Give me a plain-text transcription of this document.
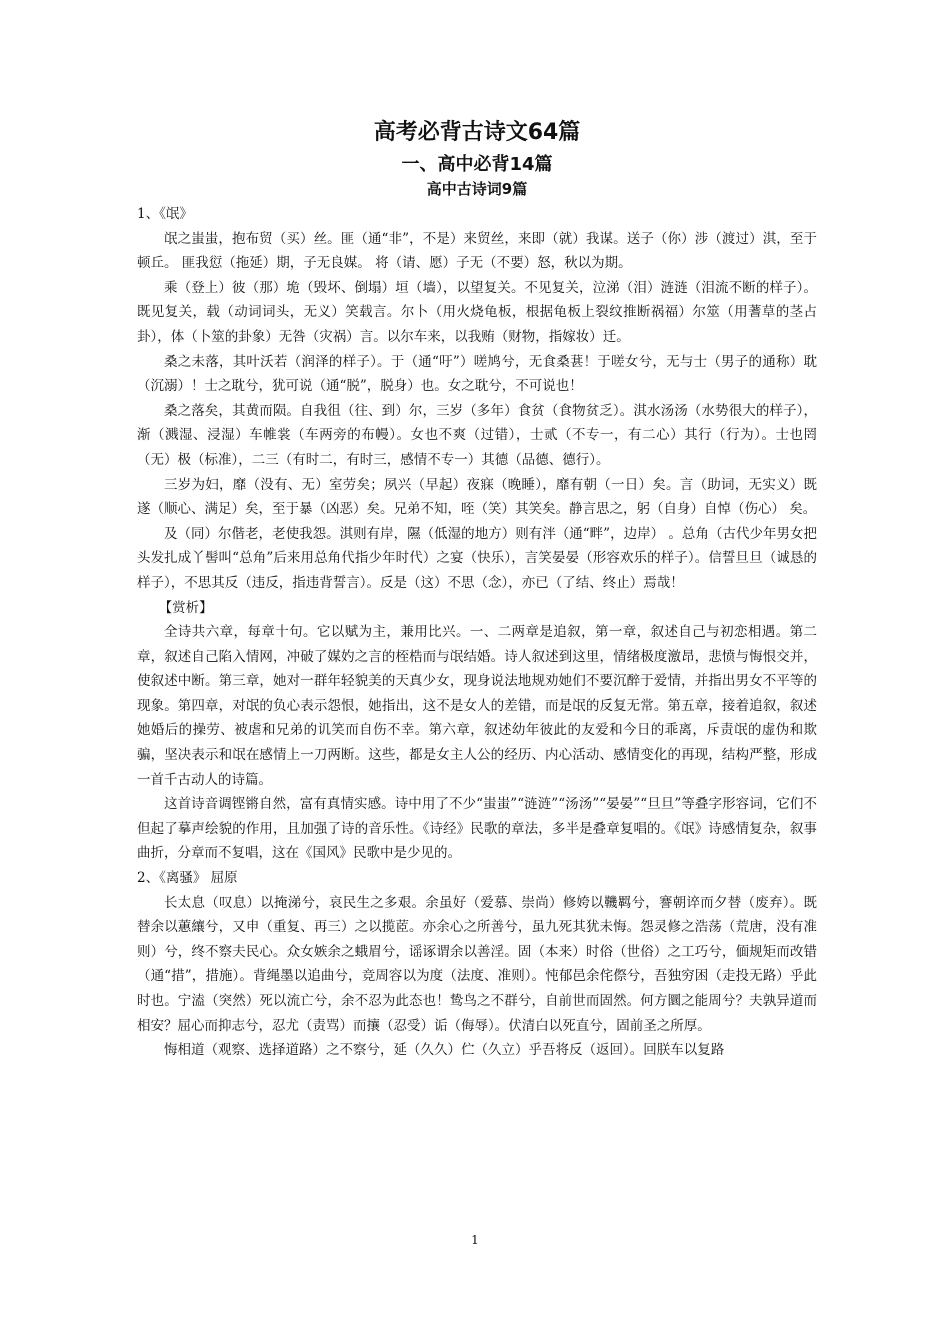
高考必背古诗文64篇
一、高中必背14篇
高中古诗词9篇

1、《氓》

氓之蚩蚩，抱布贸（买）丝。匪（通“非”，不是）来贸丝，来即（就）我谋。送子（你）涉（渡过）淇，至于顿丘。 匪我愆（拖延）期，子无良媒。 将（请、愿）子无（不要）怒，秋以为期。

乘（登上）彼（那）垝（毁坏、倒塌）垣（墙），以望复关。不见复关，泣涕（泪）涟涟（泪流不断的样子）。既见复关，载（动词词头，无义）笑载言。尔卜（用火烧龟板，根据龟板上裂纹推断祸福）尔筮（用蓍草的茎占卦），体（卜筮的卦象）无咎（灾祸）言。以尔车来，以我贿（财物，指嫁妆）迁。

桑之未落，其叶沃若（润泽的样子）。于（通“吁”）嗟鸠兮，无食桑葚！于嗟女兮，无与士（男子的通称）耽（沉溺）！士之耽兮，犹可说（通“脱”，脱身）也。女之耽兮，不可说也！

桑之落矣，其黄而陨。自我徂（往、到）尔，三岁（多年）食贫（食物贫乏）。淇水汤汤（水势很大的样子），渐（溅湿、浸湿）车帷裳（车两旁的布幔）。女也不爽（过错），士贰（不专一，有二心）其行（行为）。士也罔（无）极（标准），二三（有时二，有时三，感情不专一）其德（品德、德行）。

三岁为妇，靡（没有、无）室劳矣；夙兴（早起）夜寐（晚睡），靡有朝（一日）矣。言（助词，无实义）既遂（顺心、满足）矣，至于暴（凶恶）矣。兄弟不知，咥（笑）其笑矣。静言思之，躬（自身）自悼（伤心） 矣。

及（同）尔偕老，老使我怨。淇则有岸，隰（低湿的地方）则有泮（通“畔”，边岸） 。总角（古代少年男女把头发扎成丫髻叫“总角”后来用总角代指少年时代）之宴（快乐），言笑晏晏（形容欢乐的样子）。信誓旦旦（诚恳的样子），不思其反（违反，指违背誓言）。反是（这）不思（念），亦已（了结、终止）焉哉！

【赏析】

全诗共六章，每章十句。它以赋为主，兼用比兴。一、二两章是追叙，第一章，叙述自己与初恋相遇。第二章，叙述自己陷入情网，冲破了媒妁之言的桎梏而与氓结婚。诗人叙述到这里，情绪极度激昂，悲愤与悔恨交并，使叙述中断。第三章，她对一群年轻貌美的天真少女，现身说法地规劝她们不要沉醉于爱情，并指出男女不平等的现象。第四章，对氓的负心表示怨恨，她指出，这不是女人的差错，而是氓的反复无常。第五章，接着追叙，叙述她婚后的操劳、被虐和兄弟的讥笑而自伤不幸。第六章，叙述幼年彼此的友爱和今日的乖离，斥责氓的虚伪和欺骗，坚决表示和氓在感情上一刀两断。这些，都是女主人公的经历、内心活动、感情变化的再现，结构严整，形成一首千古动人的诗篇。

这首诗音调铿锵自然，富有真情实感。诗中用了不少“蚩蚩”“涟涟”“汤汤”“晏晏”“旦旦”等叠字形容词，它们不但起了摹声绘貌的作用，且加强了诗的音乐性。《诗经》民歌的章法，多半是叠章复唱的。《氓》诗感情复杂，叙事曲折，分章而不复唱，这在《国风》民歌中是少见的。

2、《离骚》 屈原

长太息（叹息）以掩涕兮，哀民生之多艰。余虽好（爱慕、崇尚）修姱以鞿羁兮，謇朝谇而夕替（废弃）。既替余以蕙纕兮，又申（重复、再三）之以揽茝。亦余心之所善兮，虽九死其犹未悔。怨灵修之浩荡（荒唐，没有准则）兮，终不察夫民心。众女嫉余之蛾眉兮，谣诼谓余以善淫。固（本来）时俗（世俗）之工巧兮，偭规矩而改错（通“措”，措施）。背绳墨以追曲兮，竞周容以为度（法度、准则）。忳郁邑余侘傺兮，吾独穷困（走投无路）乎此时也。宁溘（突然）死以流亡兮，余不忍为此态也！鸷鸟之不群兮，自前世而固然。何方圜之能周兮？夫孰异道而相安？屈心而抑志兮，忍尤（责骂）而攘（忍受）诟（侮辱）。伏清白以死直兮，固前圣之所厚。

悔相道（观察、选择道路）之不察兮，延（久久）伫（久立）乎吾将反（返回）。回朕车以复路

1
